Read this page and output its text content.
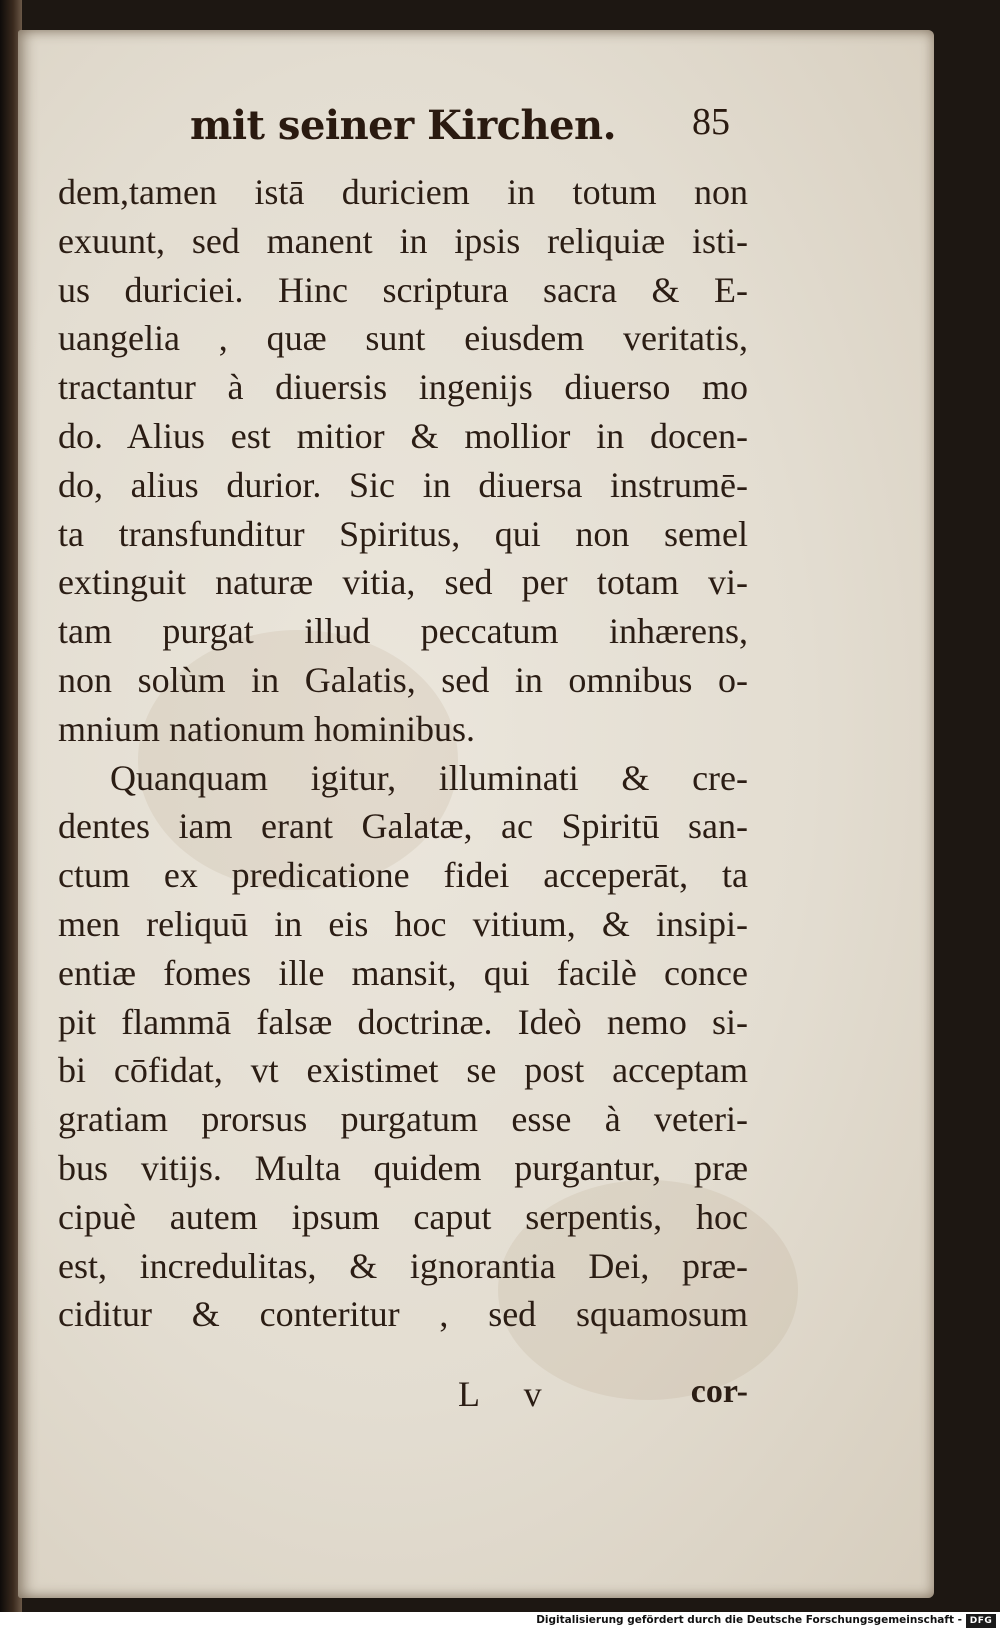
mit seiner Kirchen. 85
dem,tamen istā duriciem in totum non
exuunt, sed manent in ipsis reliquiæ isti-
us duriciei. Hinc scriptura sacra & E-
uangelia , quæ sunt eiusdem veritatis,
tractantur à diuersis ingenijs diuerso mo
do. Alius est mitior & mollior in docen-
do, alius durior. Sic in diuersa instrumē-
ta transfunditur Spiritus, qui non semel
extinguit naturæ vitia, sed per totam vi-
tam purgat illud peccatum inhærens,
non solùm in Galatis, sed in omnibus o-
mnium nationum hominibus.
Quanquam igitur, illuminati & cre-
dentes iam erant Galatæ, ac Spiritū san-
ctum ex predicatione fidei acceperāt, ta
men reliquū in eis hoc vitium, & insipi-
entiæ fomes ille mansit, qui facilè conce
pit flammā falsæ doctrinæ. Ideò nemo si-
bi cōfidat, vt existimet se post acceptam
gratiam prorsus purgatum esse à veteri-
bus vitijs. Multa quidem purgantur, præ
cipuè autem ipsum caput serpentis, hoc
est, incredulitas, & ignorantia Dei, præ-
ciditur & conteritur , sed squamosum
L v	cor-
Digitalisierung gefördert durch die Deutsche Forschungsgemeinschaft - DFG
